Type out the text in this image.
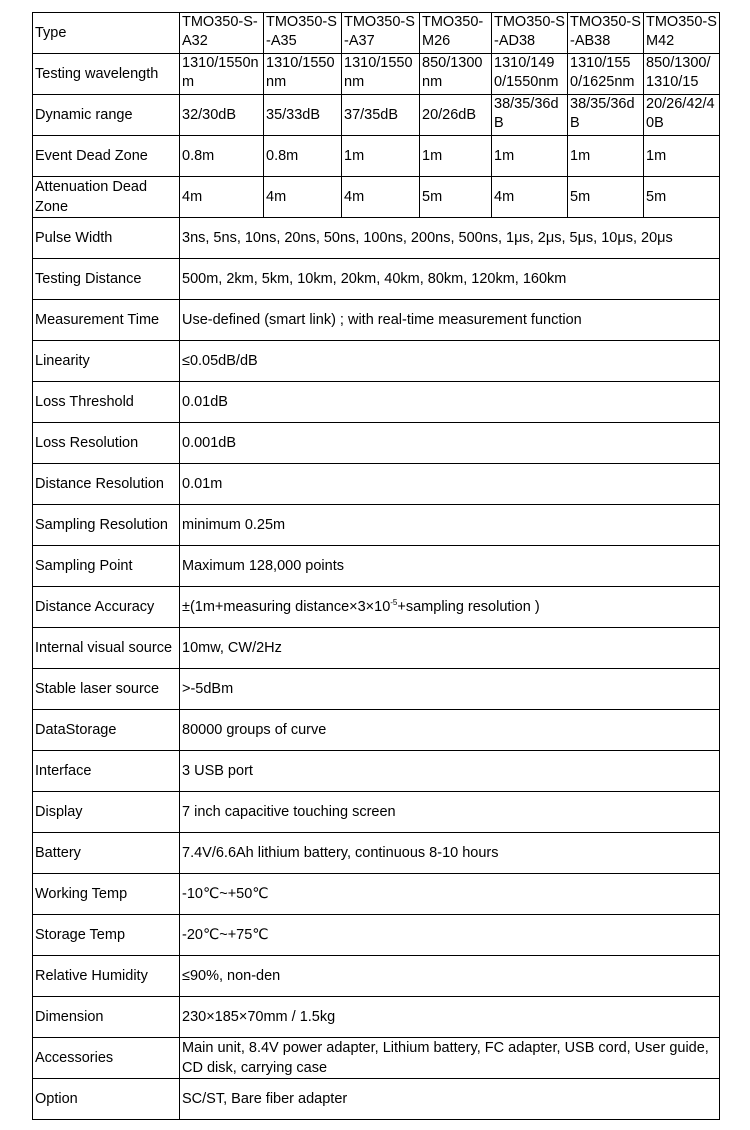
Type	TMO350-S-A32	TMO350-S-A35	TMO350-S-A37	TMO350-M26	TMO350-S-AD38	TMO350-S-AB38	TMO350-SM42
Testing wavelength	1310/1550nm	1310/1550nm	1310/1550nm	850/1300nm	1310/1490/1550nm	1310/1550/1625nm	850/1300/1310/15
Dynamic range	32/30dB	35/33dB	37/35dB	20/26dB	38/35/36dB	38/35/36dB	20/26/42/40B
Event Dead Zone	0.8m	0.8m	1m	1m	1m	1m	1m
Attenuation Dead Zone	4m	4m	4m	5m	4m	5m	5m
Pulse Width	3ns, 5ns, 10ns, 20ns, 50ns, 100ns, 200ns, 500ns, 1μs, 2μs, 5μs, 10μs, 20μs						
Testing Distance	500m, 2km, 5km, 10km, 20km, 40km, 80km, 120km, 160km						
Measurement Time	Use-defined (smart link) ; with real-time measurement function						
Linearity	≤0.05dB/dB						
Loss Threshold	0.01dB						
Loss Resolution	0.001dB						
Distance Resolution	0.01m						
Sampling Resolution	minimum 0.25m						
Sampling Point	Maximum 128,000 points						
Distance Accuracy	±(1m+measuring $distance\times 3\times 10^{-5}+sampling$ resolution )						
Internal visual source	10mw, CW/2Hz						
Stable laser source	>-5dBm						
DataStorage	80000 groups of curve						
Interface	3 USB port						
Display	7 inch capacitive touching screen						
Battery	7.4V/6.6Ah lithium battery, continuous 8-10 hours						
Working Temp	-10℃~+50℃						
Storage Temp	-20℃~+75℃						
Relative Humidity	≤90%, non-den						
Dimension	230×185×70mm / 1.5kg						
Accessories	Main unit, 8.4V power adapter, Lithium battery, FC adapter, USB cord, User guide, CD disk, carrying case						
Option	SC/ST, Bare fiber adapter						
